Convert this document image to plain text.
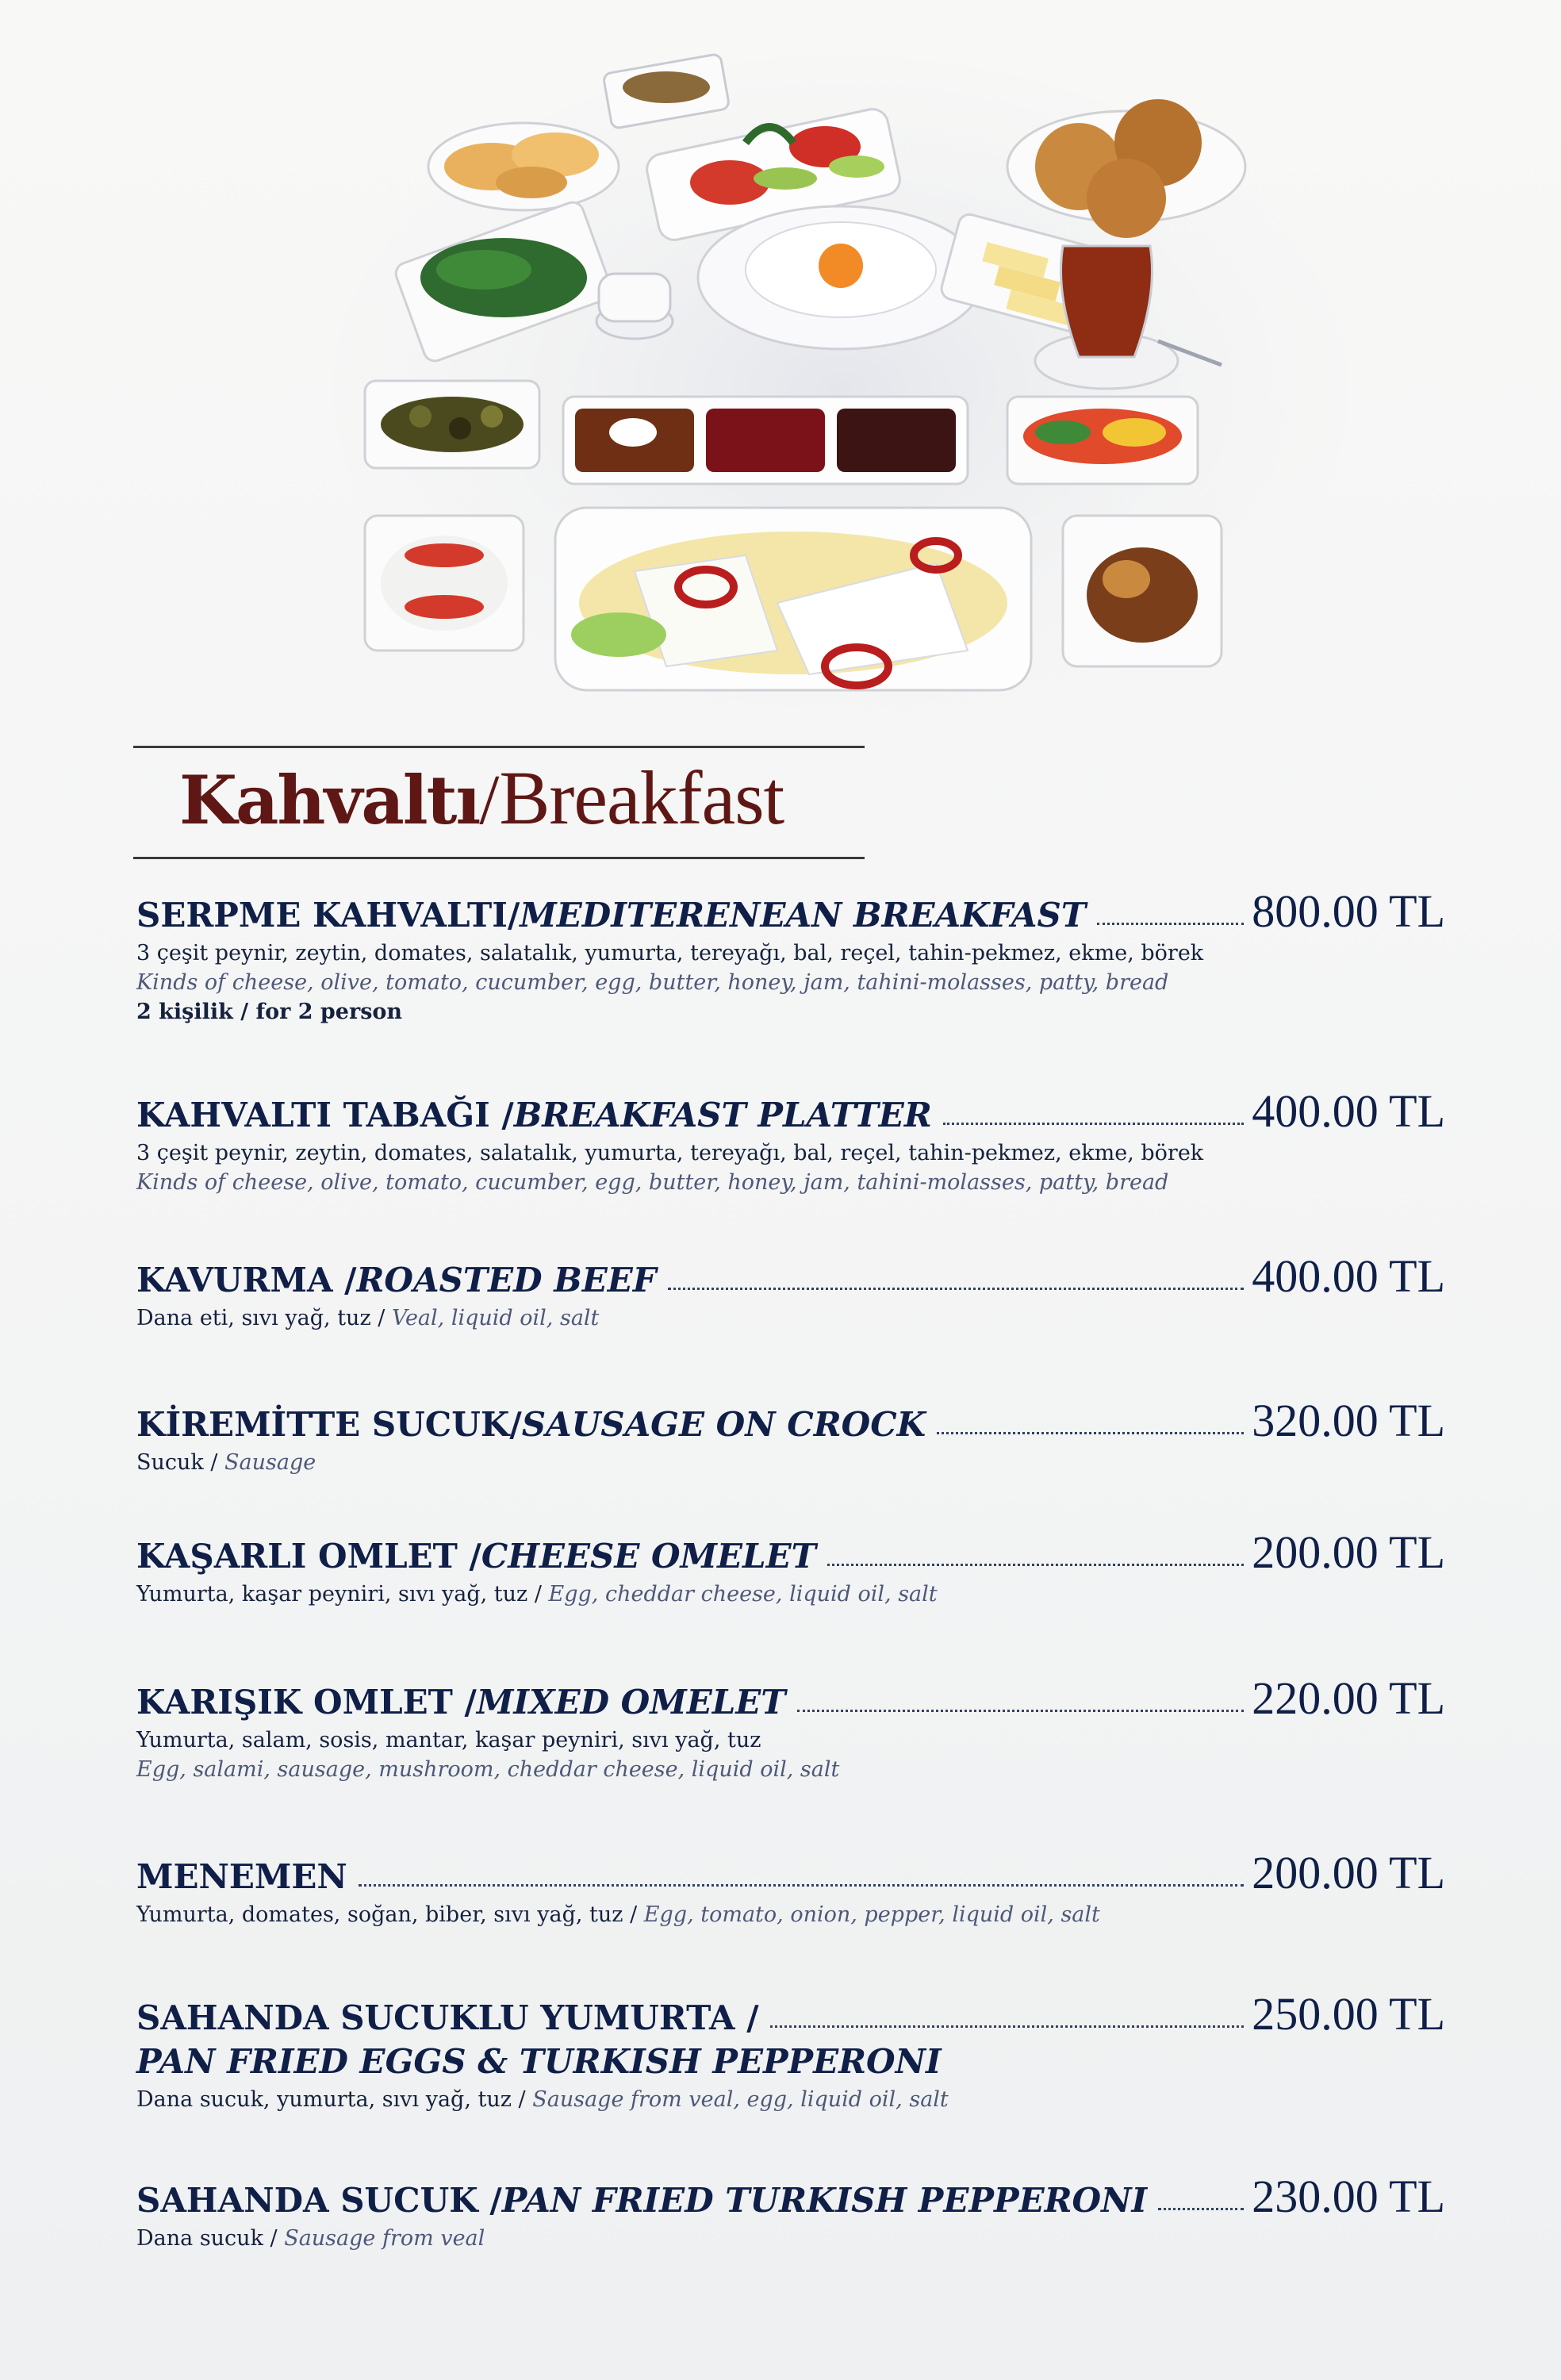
Kahvaltı / Breakfast
SERPME KAHVALTI/ MEDITERENEAN BREAKFAST	800.00 TL
3 çeşit peynir, zeytin, domates, salatalık, yumurta, tereyağı, bal, reçel, tahin-pekmez, ekme, börek
Kinds of cheese, olive, tomato, cucumber, egg, butter, honey, jam, tahini-molasses, patty, bread
2 kişilik / for 2 person
KAHVALTI TABAĞI / BREAKFAST PLATTER	400.00 TL
3 çeşit peynir, zeytin, domates, salatalık, yumurta, tereyağı, bal, reçel, tahin-pekmez, ekme, börek
Kinds of cheese, olive, tomato, cucumber, egg, butter, honey, jam, tahini-molasses, patty, bread
KAVURMA / ROASTED BEEF	400.00 TL
Dana eti, sıvı yağ, tuz / Veal, liquid oil, salt
KİREMİTTE SUCUK/ SAUSAGE ON CROCK	320.00 TL
Sucuk / Sausage
KAŞARLI OMLET / CHEESE OMELET	200.00 TL
Yumurta, kaşar peyniri, sıvı yağ, tuz / Egg, cheddar cheese, liquid oil, salt
KARIŞIK OMLET / MIXED OMELET	220.00 TL
Yumurta, salam, sosis, mantar, kaşar peyniri, sıvı yağ, tuz
Egg, salami, sausage, mushroom, cheddar cheese, liquid oil, salt
MENEMEN	200.00 TL
Yumurta, domates, soğan, biber, sıvı yağ, tuz / Egg, tomato, onion, pepper, liquid oil, salt
SAHANDA SUCUKLU YUMURTA /	250.00 TL
PAN FRIED EGGS & TURKISH PEPPERONI
Dana sucuk, yumurta, sıvı yağ, tuz / Sausage from veal, egg, liquid oil, salt
SAHANDA SUCUK / PAN FRIED TURKISH PEPPERONI 230.00 TL
Dana sucuk / Sausage from veal
